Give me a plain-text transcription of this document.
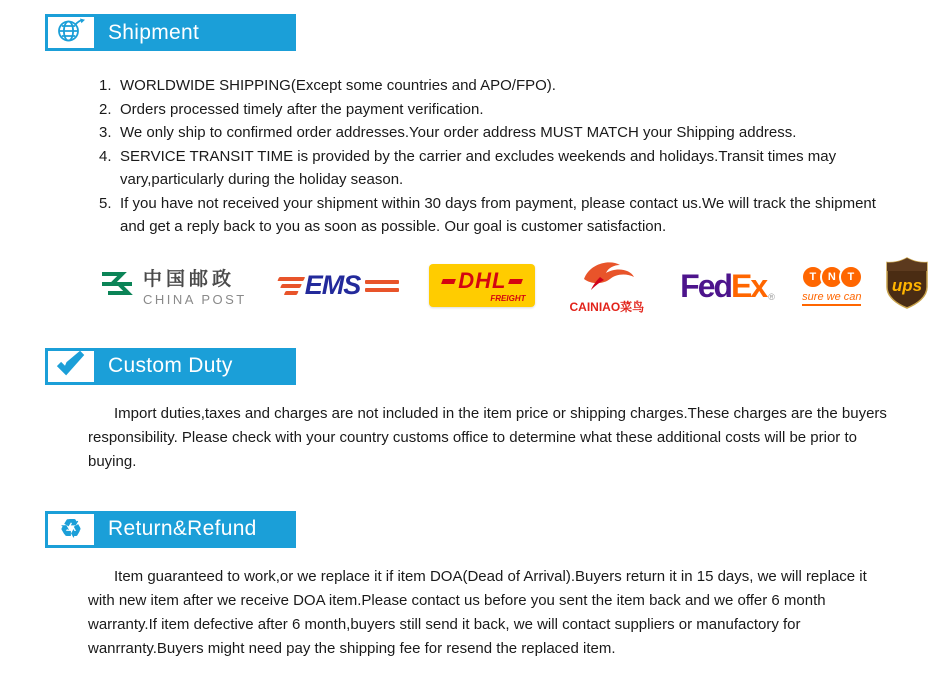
Shipment
1. WORLDWIDE SHIPPING(Except some countries and APO/FPO).
2. Orders processed timely after the payment verification.
3. We only ship to confirmed order addresses.Your order address MUST MATCH your Shipping address.
4. SERVICE TRANSIT TIME is provided by the carrier and excludes weekends and holidays.Transit times may vary,particularly during the holiday season.
5. If you have not received your shipment within 30 days from payment, please contact us.We will track the shipment and get a reply back to you as soon as possible. Our goal is customer satisfaction.
中国邮政
CHINA POST EMS	DHL
FREIGHT
CAINIAO菜鸟
Fed Ex ®
T	N	T
sure we can
ups
Custom Duty

Import duties,taxes and charges are not included in the item price or shipping charges.These charges are the buyers responsibility. Please check with your country customs office to determine what these additional costs will be prior to buying.

♻	Return&Refund

Item guaranteed to work,or we replace it if item DOA(Dead of Arrival).Buyers return it in 15 days, we will replace it with new item after we receive DOA item.Please contact us before you sent the item back and we offer 6 month warranty.If item defective after 6 month,buyers still send it back, we will contact suppliers or manufactory for wanrranty.Buyers might need pay the shipping fee for resend the replaced item.
